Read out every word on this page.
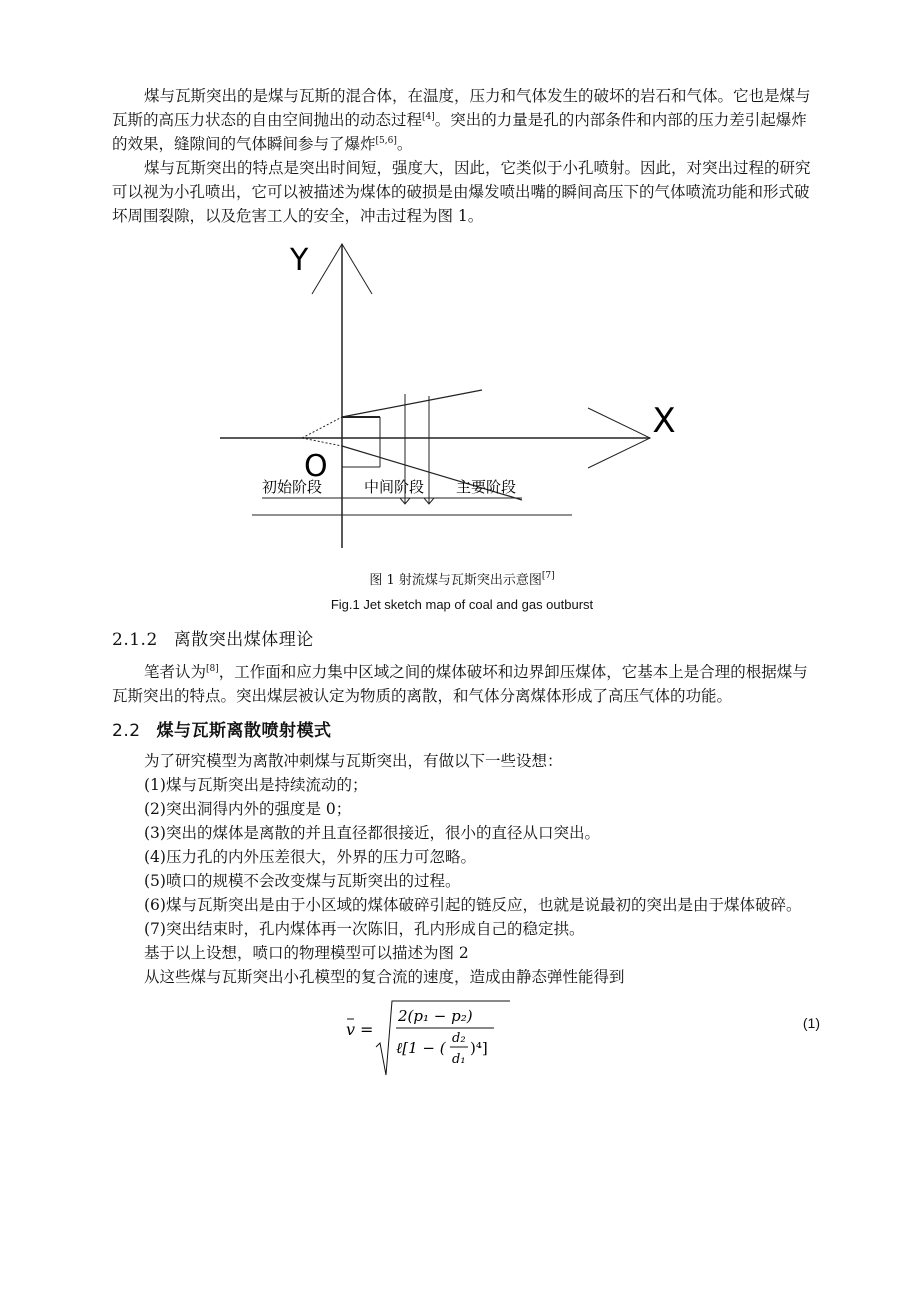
煤与瓦斯突出的是煤与瓦斯的混合体，在温度，压力和气体发生的破坏的岩石和气体。它也是煤与瓦斯的高压力状态的自由空间抛出的动态过程[4]。突出的力量是孔的内部条件和内部的压力差引起爆炸的效果，缝隙间的气体瞬间参与了爆炸[5,6]。

煤与瓦斯突出的特点是突出时间短，强度大，因此，它类似于小孔喷射。因此，对突出过程的研究可以视为小孔喷出，它可以被描述为煤体的破损是由爆发喷出嘴的瞬间高压下的气体喷流功能和形式破坏周围裂隙，以及危害工人的安全，冲击过程为图 1。

Y
X
O
初始阶段	中间阶段 主要阶段
图 1 射流煤与瓦斯突出示意图[7]
Fig.1 Jet sketch map of coal and gas outburst
2.1.2 离散突出煤体理论

笔者认为[8]，工作面和应力集中区域之间的煤体破坏和边界卸压煤体，它基本上是合理的根据煤与瓦斯突出的特点。突出煤层被认定为物质的离散，和气体分离煤体形成了高压气体的功能。

2.2 煤与瓦斯离散喷射模式

为了研究模型为离散冲刺煤与瓦斯突出，有做以下一些设想：

(1)煤与瓦斯突出是持续流动的；

(2)突出洞得内外的强度是 0；

(3)突出的煤体是离散的并且直径都很接近，很小的直径从口突出。

(4)压力孔的内外压差很大，外界的压力可忽略。

(5)喷口的规模不会改变煤与瓦斯突出的过程。

(6)煤与瓦斯突出是由于小区域的煤体破碎引起的链反应，也就是说最初的突出是由于煤体破碎。

(7)突出结束时，孔内煤体再一次陈旧，孔内形成自己的稳定拱。

基于以上设想，喷口的物理模型可以描述为图 2

从这些煤与瓦斯突出小孔模型的复合流的速度，造成由静态弹性能得到

v =
2(p₁ − p₂)
ℓ[1 − (
d₂
d₁
)⁴]
(1)
